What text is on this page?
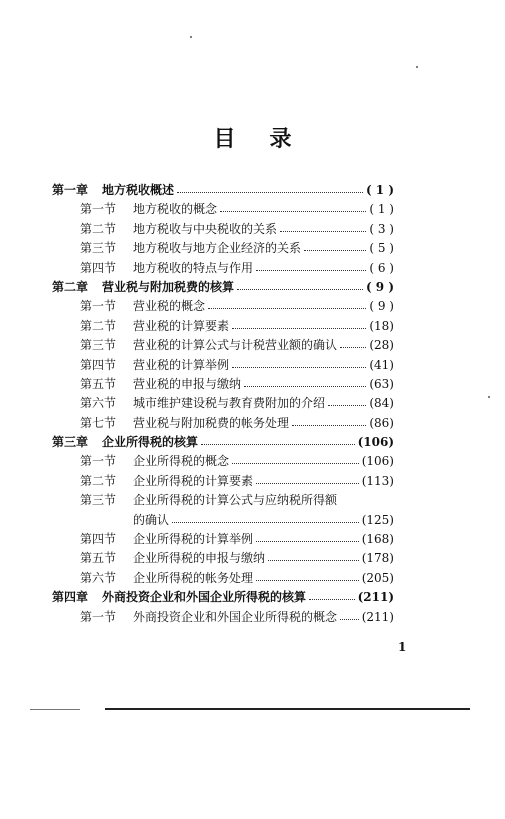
目 录
第一章	地方税收概述	( 1 )
第一节	地方税收的概念	( 1 )
第二节	地方税收与中央税收的关系	( 3 )
第三节	地方税收与地方企业经济的关系	( 5 )
第四节	地方税收的特点与作用	( 6 )
第二章	营业税与附加税费的核算	( 9 )
第一节	营业税的概念	( 9 )
第二节	营业税的计算要素	(18)
第三节	营业税的计算公式与计税营业额的确认	(28)
第四节	营业税的计算举例	(41)
第五节	营业税的申报与缴纳	(63)
第六节	城市维护建设税与教育费附加的介绍	(84)
第七节	营业税与附加税费的帐务处理	(86)
第三章	企业所得税的核算	(106)
第一节	企业所得税的概念	(106)
第二节	企业所得税的计算要素	(113)
第三节	企业所得税的计算公式与应纳税所得额
的确认	(125)
第四节	企业所得税的计算举例	(168)
第五节	企业所得税的申报与缴纳	(178)
第六节	企业所得税的帐务处理	(205)
第四章	外商投资企业和外国企业所得税的核算	(211)
第一节	外商投资企业和外国企业所得税的概念 (211)
1
